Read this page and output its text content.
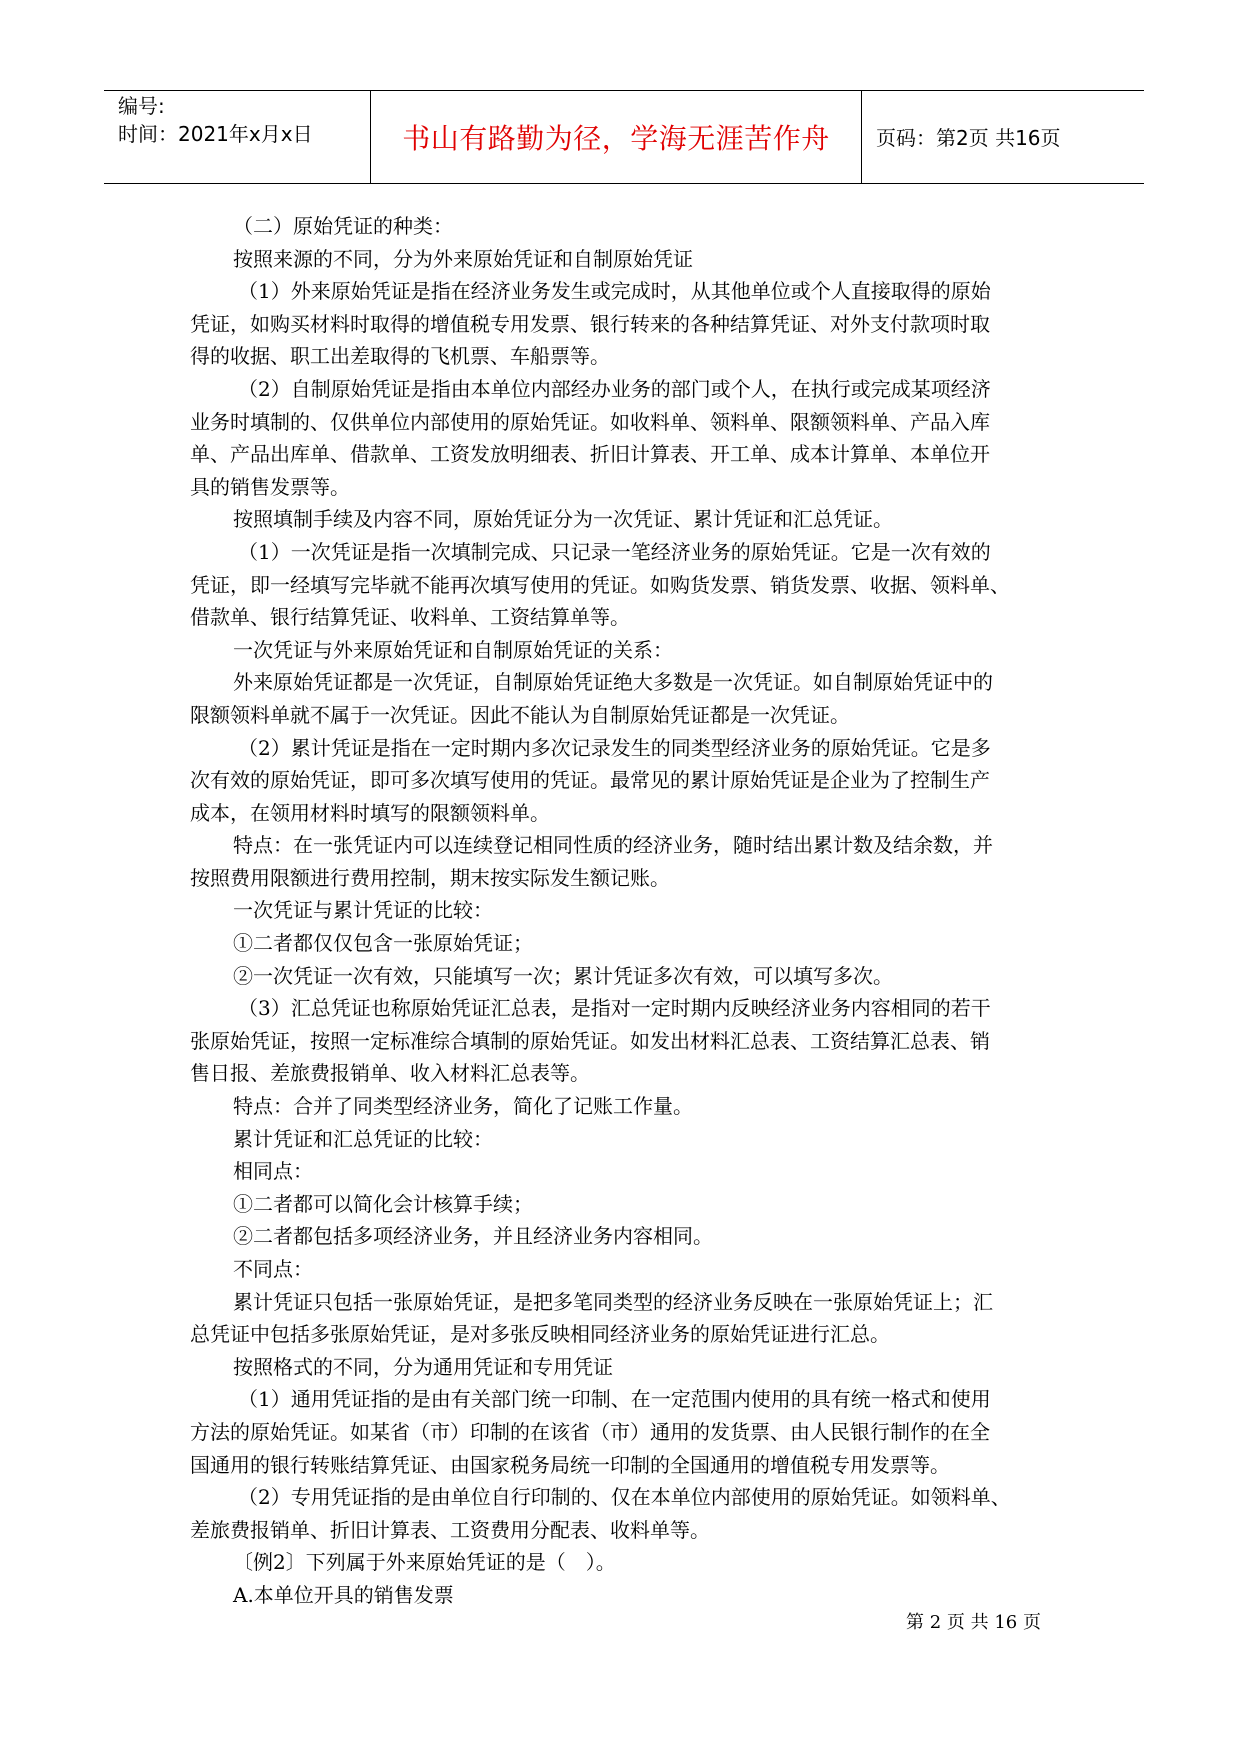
编号:
时间：2021年x月x日	书山有路勤为径，学海无涯苦作舟	页码：第2页 共16页
（二）原始凭证的种类：
按照来源的不同，分为外来原始凭证和自制原始凭证
（1）外来原始凭证是指在经济业务发生或完成时，从其他单位或个人直接取得的原始
凭证，如购买材料时取得的增值税专用发票、银行转来的各种结算凭证、对外支付款项时取
得的收据、职工出差取得的飞机票、车船票等。
（2）自制原始凭证是指由本单位内部经办业务的部门或个人，在执行或完成某项经济
业务时填制的、仅供单位内部使用的原始凭证。如收料单、领料单、限额领料单、产品入库
单、产品出库单、借款单、工资发放明细表、折旧计算表、开工单、成本计算单、本单位开
具的销售发票等。
按照填制手续及内容不同，原始凭证分为一次凭证、累计凭证和汇总凭证。
（1）一次凭证是指一次填制完成、只记录一笔经济业务的原始凭证。它是一次有效的
凭证，即一经填写完毕就不能再次填写使用的凭证。如购货发票、销货发票、收据、领料单、
借款单、银行结算凭证、收料单、工资结算单等。
一次凭证与外来原始凭证和自制原始凭证的关系：
外来原始凭证都是一次凭证，自制原始凭证绝大多数是一次凭证。如自制原始凭证中的
限额领料单就不属于一次凭证。因此不能认为自制原始凭证都是一次凭证。
（2）累计凭证是指在一定时期内多次记录发生的同类型经济业务的原始凭证。它是多
次有效的原始凭证，即可多次填写使用的凭证。最常见的累计原始凭证是企业为了控制生产
成本，在领用材料时填写的限额领料单。
特点：在一张凭证内可以连续登记相同性质的经济业务，随时结出累计数及结余数，并
按照费用限额进行费用控制，期末按实际发生额记账。
一次凭证与累计凭证的比较：
①二者都仅仅包含一张原始凭证；
②一次凭证一次有效，只能填写一次；累计凭证多次有效，可以填写多次。
（3）汇总凭证也称原始凭证汇总表，是指对一定时期内反映经济业务内容相同的若干
张原始凭证，按照一定标准综合填制的原始凭证。如发出材料汇总表、工资结算汇总表、销
售日报、差旅费报销单、收入材料汇总表等。
特点：合并了同类型经济业务，简化了记账工作量。
累计凭证和汇总凭证的比较：
相同点：
①二者都可以简化会计核算手续；
②二者都包括多项经济业务，并且经济业务内容相同。
不同点：
累计凭证只包括一张原始凭证，是把多笔同类型的经济业务反映在一张原始凭证上；汇
总凭证中包括多张原始凭证，是对多张反映相同经济业务的原始凭证进行汇总。
按照格式的不同，分为通用凭证和专用凭证
（1）通用凭证指的是由有关部门统一印制、在一定范围内使用的具有统一格式和使用
方法的原始凭证。如某省（市）印制的在该省（市）通用的发货票、由人民银行制作的在全
国通用的银行转账结算凭证、由国家税务局统一印制的全国通用的增值税专用发票等。
（2）专用凭证指的是由单位自行印制的、仅在本单位内部使用的原始凭证。如领料单、
差旅费报销单、折旧计算表、工资费用分配表、收料单等。
〔例2〕下列属于外来原始凭证的是（　）。
A.本单位开具的销售发票
第 2 页 共 16 页
